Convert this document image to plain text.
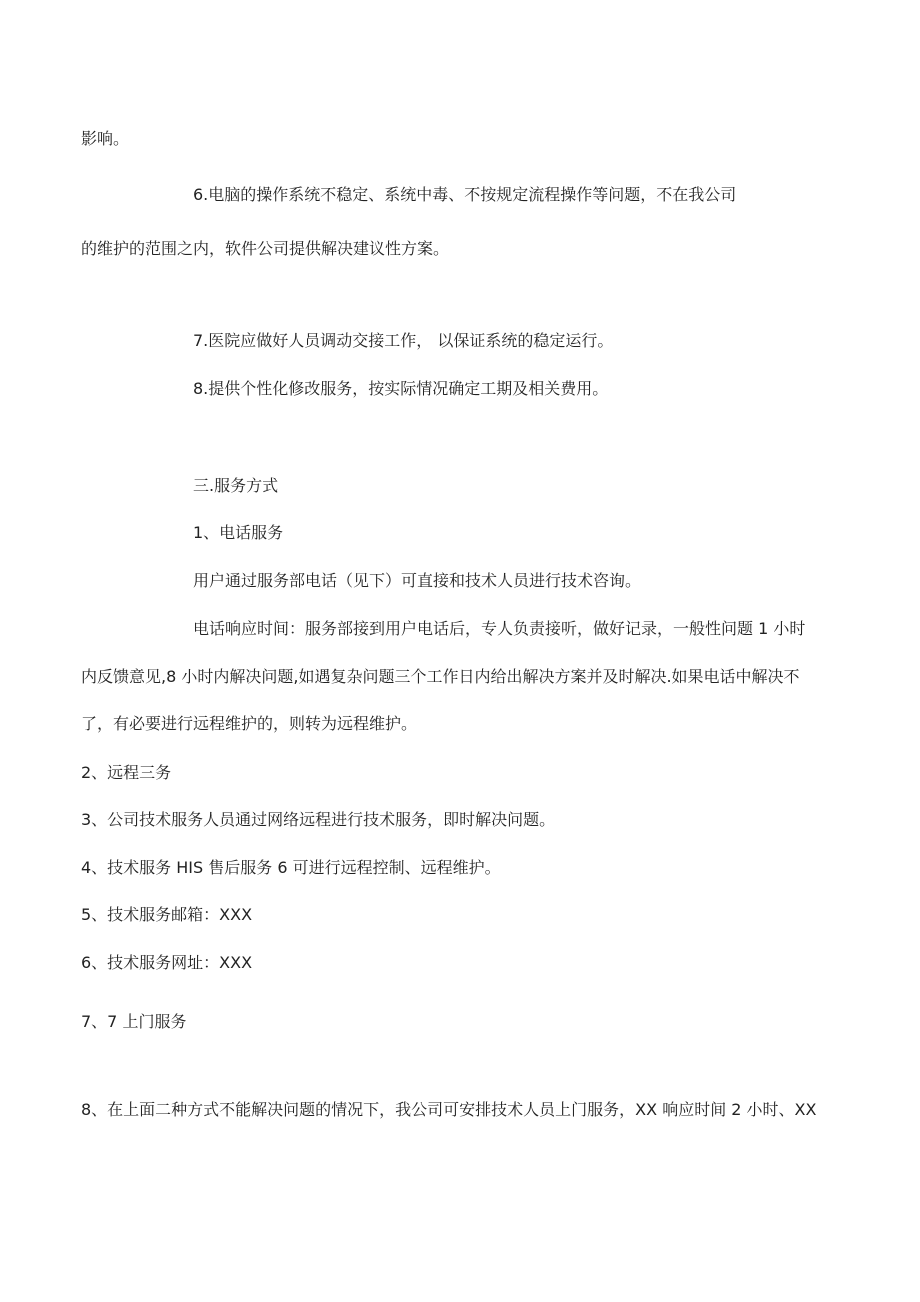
影响。
6.电脑的操作系统不稳定、系统中毒、不按规定流程操作等问题，不在我公司
的维护的范围之内，软件公司提供解决建议性方案。
7.医院应做好人员调动交接工作， 以保证系统的稳定运行。
8.提供个性化修改服务，按实际情况确定工期及相关费用。
三.服务方式
1、电话服务
用户通过服务部电话（见下）可直接和技术人员进行技术咨询。
电话响应时间：服务部接到用户电话后，专人负责接听，做好记录，一般性问题 1 小时
内反馈意见,8 小时内解决问题,如遇复杂问题三个工作日内给出解决方案并及时解决.如果电话中解决不
了，有必要进行远程维护的，则转为远程维护。
2、远程三务
3、公司技术服务人员通过网络远程进行技术服务，即时解决问题。
4、技术服务 HIS 售后服务 6 可进行远程控制、远程维护。
5、技术服务邮箱：XXX
6、技术服务网址：XXX
7、7 上门服务
8、在上面二种方式不能解决问题的情况下，我公司可安排技术人员上门服务，XX 响应时间 2 小时、XX
